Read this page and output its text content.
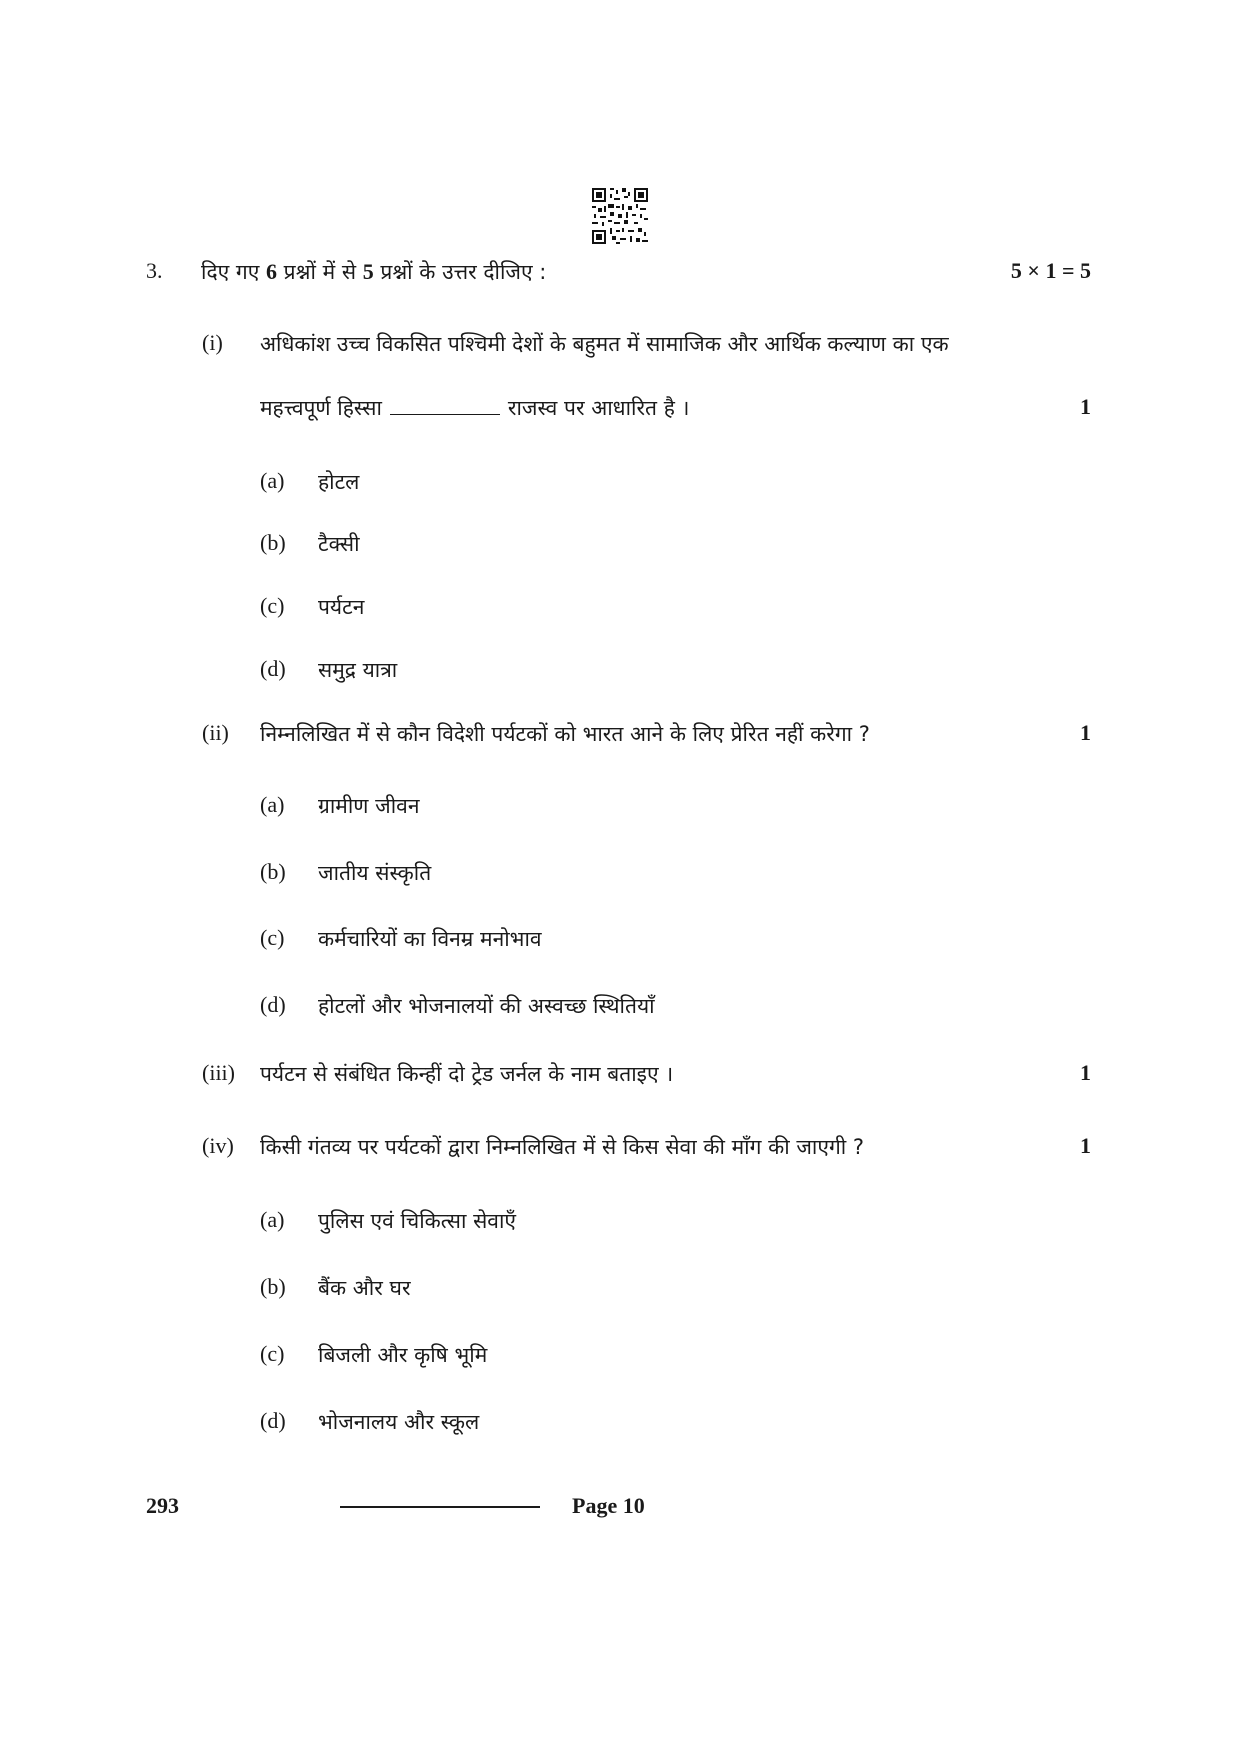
3. दिए गए 6 प्रश्नों में से 5 प्रश्नों के उत्तर दीजिए :	5 × 1 = 5
(i) अधिकांश उच्च विकसित पश्चिमी देशों के बहुमत में सामाजिक और आर्थिक कल्याण का एक
महत्त्वपूर्ण हिस्सा	राजस्व पर आधारित है ।	1
(a) होटल
(b) टैक्सी
(c) पर्यटन
(d) समुद्र यात्रा
(ii) निम्नलिखित में से कौन विदेशी पर्यटकों को भारत आने के लिए प्रेरित नहीं करेगा ?	1
(a) ग्रामीण जीवन
(b) जातीय संस्कृति
(c) कर्मचारियों का विनम्र मनोभाव
(d) होटलों और भोजनालयों की अस्वच्छ स्थितियाँ
(iii) पर्यटन से संबंधित किन्हीं दो ट्रेड जर्नल के नाम बताइए ।	1
(iv) किसी गंतव्य पर पर्यटकों द्वारा निम्नलिखित में से किस सेवा की माँग की जाएगी ?	1
(a) पुलिस एवं चिकित्सा सेवाएँ
(b) बैंक और घर
(c) बिजली और कृषि भूमि
(d) भोजनालय और स्कूल
293	Page 10
